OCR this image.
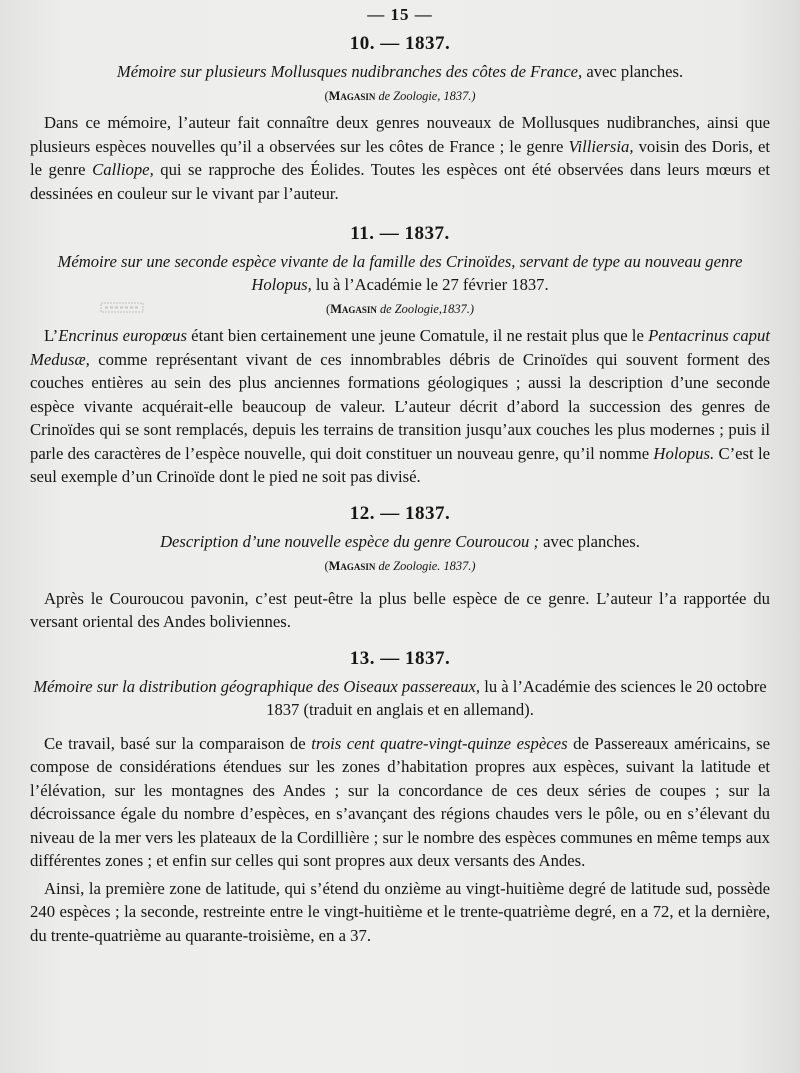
— 15 —
10. — 1837.
Mémoire sur plusieurs Mollusques nudibranches des côtes de France, avec planches.
(Magasin de Zoologie, 1837.)

Dans ce mémoire, l’auteur fait connaître deux genres nouveaux de Mollusques nudibranches, ainsi que plusieurs espèces nouvelles qu’il a observées sur les côtes de France ; le genre Villiersia, voisin des Doris, et le genre Calliope, qui se rapproche des Éolides. Toutes les espèces ont été observées dans leurs mœurs et dessinées en couleur sur le vivant par l’auteur.

11. — 1837.
Mémoire sur une seconde espèce vivante de la famille des Crinoïdes, servant de type au nouveau genre Holopus, lu à l’Académie le 27 février 1837.
(Magasin de Zoologie,1837.)

L’Encrinus europœus étant bien certainement une jeune Comatule, il ne restait plus que le Pentacrinus caput Medusæ, comme représentant vivant de ces innombrables débris de Crinoïdes qui souvent forment des couches entières au sein des plus anciennes formations géologiques ; aussi la description d’une seconde espèce vivante acquérait-elle beaucoup de valeur. L’auteur décrit d’abord la succession des genres de Crinoïdes qui se sont remplacés, depuis les terrains de transition jusqu’aux couches les plus modernes ; puis il parle des caractères de l’espèce nouvelle, qui doit constituer un nouveau genre, qu’il nomme Holopus. C’est le seul exemple d’un Crinoïde dont le pied ne soit pas divisé.

12. — 1837.
Description d’une nouvelle espèce du genre Couroucou ; avec planches.
(Magasin de Zoologie. 1837.)

Après le Couroucou pavonin, c’est peut-être la plus belle espèce de ce genre. L’auteur l’a rapportée du versant oriental des Andes boliviennes.

13. — 1837.
Mémoire sur la distribution géographique des Oiseaux passereaux, lu à l’Académie des sciences le 20 octobre 1837 (traduit en anglais et en allemand).

Ce travail, basé sur la comparaison de trois cent quatre-vingt-quinze espèces de Passereaux américains, se compose de considérations étendues sur les zones d’habitation propres aux espèces, suivant la latitude et l’élévation, sur les montagnes des Andes ; sur la concordance de ces deux séries de coupes ; sur la décroissance égale du nombre d’espèces, en s’avançant des régions chaudes vers le pôle, ou en s’élevant du niveau de la mer vers les plateaux de la Cordillière ; sur le nombre des espèces communes en même temps aux différentes zones ; et enfin sur celles qui sont propres aux deux versants des Andes.

Ainsi, la première zone de latitude, qui s’étend du onzième au vingt-huitième degré de latitude sud, possède 240 espèces ; la seconde, restreinte entre le vingt-huitième et le trente-quatrième degré, en a 72, et la dernière, du trente-quatrième au quarante-troisième, en a 37.
